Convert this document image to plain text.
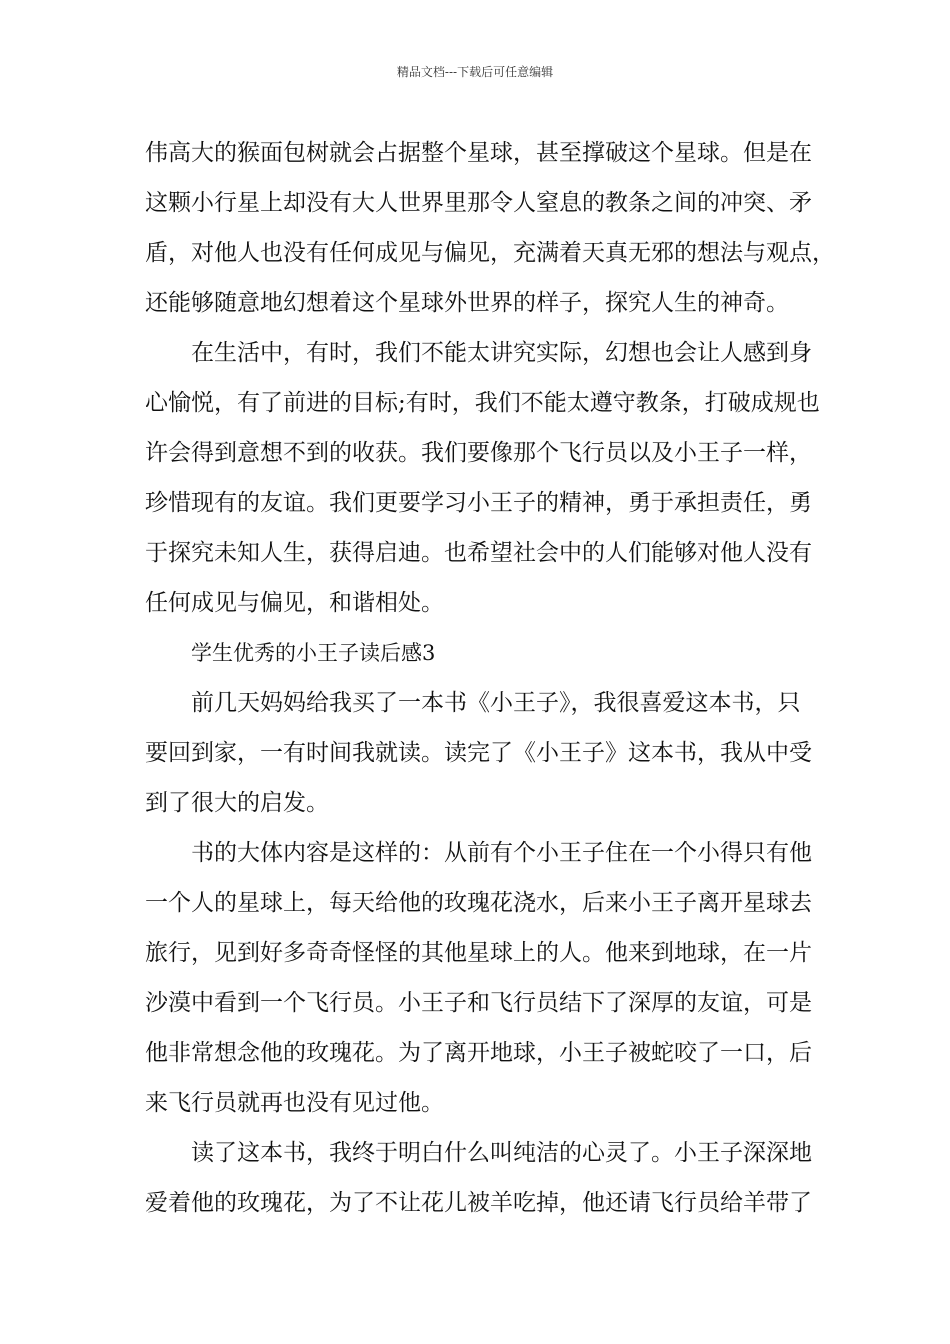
精品文档---下载后可任意编辑
伟高大的猴面包树就会占据整个星球，甚至撑破这个星球。但是在
这颗小行星上却没有大人世界里那令人窒息的教条之间的冲突、矛
盾，对他人也没有任何成见与偏见，充满着天真无邪的想法与观点，
还能够随意地幻想着这个星球外世界的样子，探究人生的神奇。
在生活中，有时，我们不能太讲究实际，幻想也会让人感到身
心愉悦，有了前进的目标;有时，我们不能太遵守教条，打破成规也
许会得到意想不到的收获。我们要像那个飞行员以及小王子一样，
珍惜现有的友谊。我们更要学习小王子的精神，勇于承担责任，勇
于探究未知人生，获得启迪。也希望社会中的人们能够对他人没有
任何成见与偏见，和谐相处。
学生优秀的小王子读后感3
前几天妈妈给我买了一本书《小王子》，我很喜爱这本书，只
要回到家，一有时间我就读。读完了《小王子》这本书，我从中受
到了很大的启发。
书的大体内容是这样的：从前有个小王子住在一个小得只有他
一个人的星球上，每天给他的玫瑰花浇水，后来小王子离开星球去
旅行，见到好多奇奇怪怪的其他星球上的人。他来到地球，在一片
沙漠中看到一个飞行员。小王子和飞行员结下了深厚的友谊，可是
他非常想念他的玫瑰花。为了离开地球，小王子被蛇咬了一口，后
来飞行员就再也没有见过他。
读了这本书，我终于明白什么叫纯洁的心灵了。小王子深深地
爱着他的玫瑰花，为了不让花儿被羊吃掉，他还请飞行员给羊带了
